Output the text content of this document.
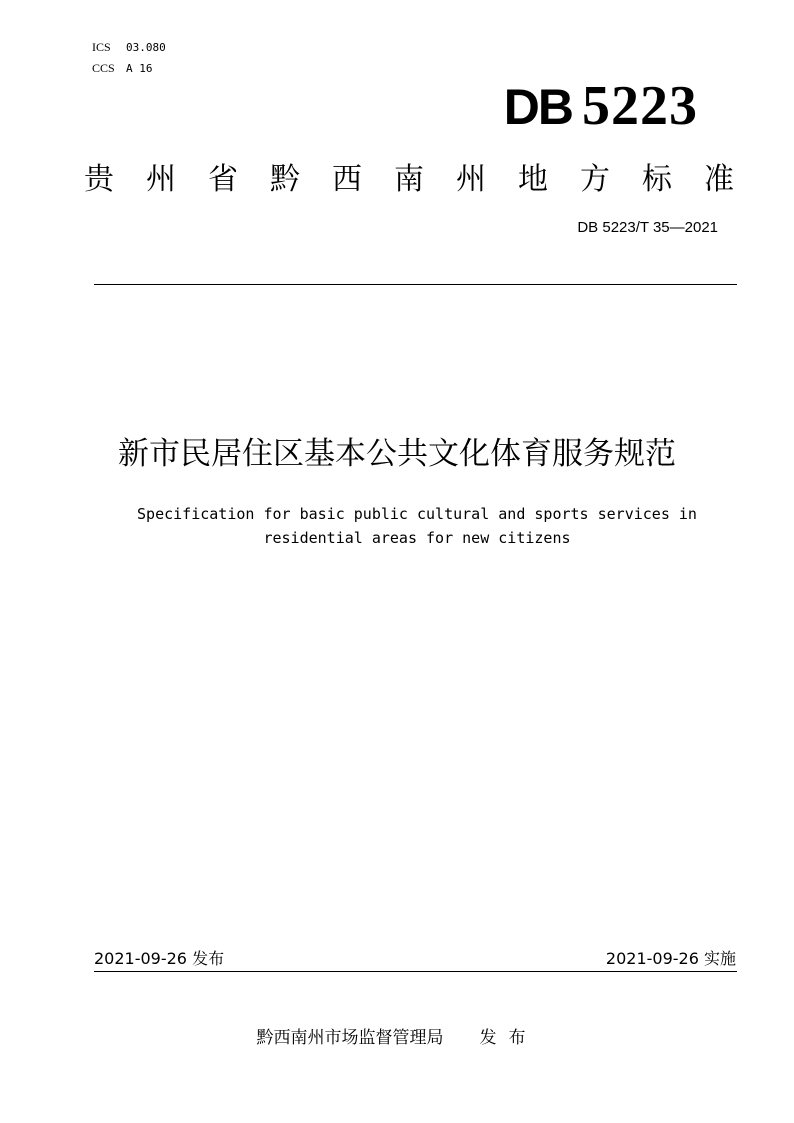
ICS 03.080
CCS A 16
DB 5223
贵 州 省 黔 西 南 州 地 方 标 准
DB 5223/T 35—2021
新市民居住区基本公共文化体育服务规范
Specification for basic public cultural and sports services in
residential areas for new citizens
2021-09-26 发布	2021-09-26 实施
黔西南州市场监督管理局 发布
